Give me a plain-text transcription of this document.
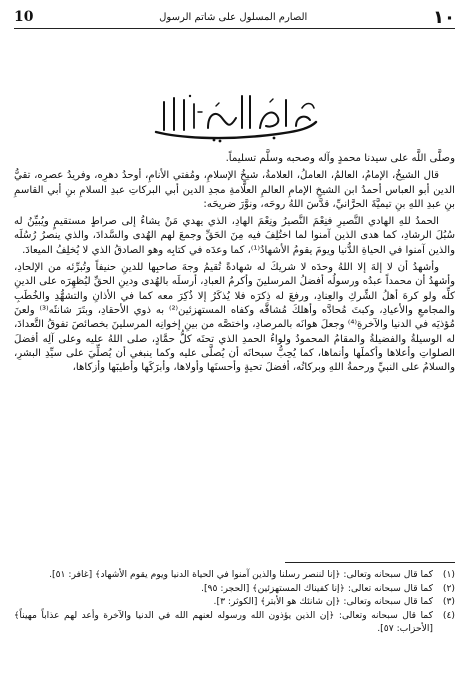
10	الصارم المسلول على شاتم الرسول	١٠

وصلَّى اللَّه على سيدنا محمدٍ وآله وصحبه وسلَّم تسليماً.

قال الشيخُ، الإمامُ، العالمُ، العاملُ، العلامةُ، شيخُ الإسلامِ، ومُفتي الأنامِ، أوحدُ دهرِه، وفريدُ عصرِه، تقيُّ الدين أبو العباس أحمدُ ابن الشيخِ الإمامِ العالمِ العلَّامةِ مجدِ الدين أبي البركاتِ عبدِ السلامِ بنِ أبي القاسمِ بنِ عبدِ اللهِ بنِ تيميَّةَ الحرَّانيِّ، قدَّسَ اللهُ روحَه، ونوَّرَ ضريحَه:

الحمدُ للهِ الهادي النَّصيرِ فنِعْمَ النَّصيرُ ونِعْمَ الهادِ، الذي يهدي مَنْ يشاءُ إلى صراطٍ مستقيمٍ ويُبيِّنُ له سُبُلَ الرشادِ، كما هدى الذين آمنوا لما اختُلِفَ فيه مِنَ الحَقِّ وجمعَ لهم الهُدى والسَّدادَ، والذي ينصرُ رُسُلَه والذين آمنوا في الحياةِ الدُّنيا ويومَ يقومُ الأشهادُ⁽¹⁾، كما وعدَه في كتابِه وهو الصادقُ الذي لا يُخلِفُ الميعادَ.

وأشهدُ أن لا إلهَ إلا اللهُ وحدَه لا شريكَ له شهادةً تُقيمُ وجهَ صاحبِها للدينِ حنيفاً وتُبرِّئه من الإلحادِ، وأشهدُ أن محمداً عبدُه ورسولُه أفضلُ المرسلينَ وأكرمُ العبادِ، أرسلَه بالهُدى ودينِ الحقِّ ليُظهِرَه على الدينِ كلِّه ولو كرهَ أهلُ الشِّركِ والعِنادِ، ورفعَ له ذِكرَه فلا يُذكَرُ إلا ذُكِرَ معه كما في الأذانِ والتشهُّدِ والخُطَبِ والمجامعِ والأعيادِ، وكبتَ مُحادَّه وأهلكَ مُشاقَّه وكفاه المستهزئين⁽²⁾ به ذوي الأحقادِ، وبتَرَ شانئَه⁽³⁾ ولعنَ مُؤذيَه في الدنيا والآخرةِ⁽⁴⁾ وجعلَ هوانَه بالمرصادِ، واختصَّه من بينِ إخوانِه المرسلينَ بخصائصَ تفوقُ التَّعدادَ، له الوسيلةُ والفضيلةُ والمقامُ المحمودُ ولواءُ الحمدِ الذي تحتَه كلُّ حمَّادٍ، صلى اللهُ عليه وعلى آلِه أفضلَ الصلواتِ وأعلاها وأكملَها وأنماها، كما يُحِبُّ سبحانَه أن يُصلَّى عليه وكما ينبغي أن يُصلِّيَ على سيِّدِ البشرِ، والسلامُ على النبيِّ ورحمةُ اللهِ وبركاتُه، أفضلَ تحيةٍ وأحسنَها وأولاها، وأبرَكَها وأطيبَها وأزكاها،

(١)
كما قال سبحانه وتعالى: ﴿إنا لننصر رسلنا والذين آمنوا في الحياة الدنيا ويوم يقوم الأشهاد﴾ [غافر: ٥١].
(٢)
كما قال سبحانه تعالى: ﴿إنا كفيناك المستهزئين﴾ [الحجر: ٩٥].
(٣)
كما قال سبحانه وتعالى: ﴿إن شانئك هو الأبتر﴾ [الكوثر: ٣].
(٤)
كما قال سبحانه وتعالى: ﴿إن الذين يؤذون الله ورسوله لعنهم الله في الدنيا والآخرة وأعد لهم عذاباً مهيناً﴾ [الأحزاب: ٥٧].
